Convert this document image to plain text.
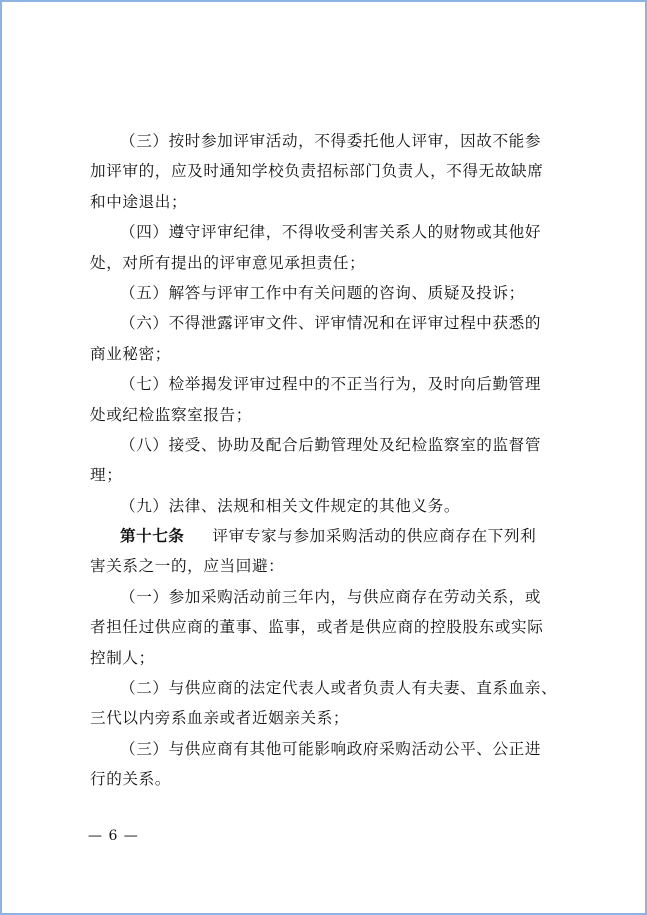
（三）按时参加评审活动，不得委托他人评审，因故不能参
加评审的，应及时通知学校负责招标部门负责人，不得无故缺席
和中途退出；
（四）遵守评审纪律，不得收受利害关系人的财物或其他好
处，对所有提出的评审意见承担责任；
（五）解答与评审工作中有关问题的咨询、质疑及投诉；
（六）不得泄露评审文件、评审情况和在评审过程中获悉的
商业秘密；
（七）检举揭发评审过程中的不正当行为，及时向后勤管理
处或纪检监察室报告；
（八）接受、协助及配合后勤管理处及纪检监察室的监督管
理；
（九）法律、法规和相关文件规定的其他义务。
第十七条 评审专家与参加采购活动的供应商存在下列利
害关系之一的，应当回避：
（一）参加采购活动前三年内，与供应商存在劳动关系，或
者担任过供应商的董事、监事，或者是供应商的控股股东或实际
控制人；
（二）与供应商的法定代表人或者负责人有夫妻、直系血亲、
三代以内旁系血亲或者近姻亲关系；
（三）与供应商有其他可能影响政府采购活动公平、公正进
行的关系。
— 6 —
